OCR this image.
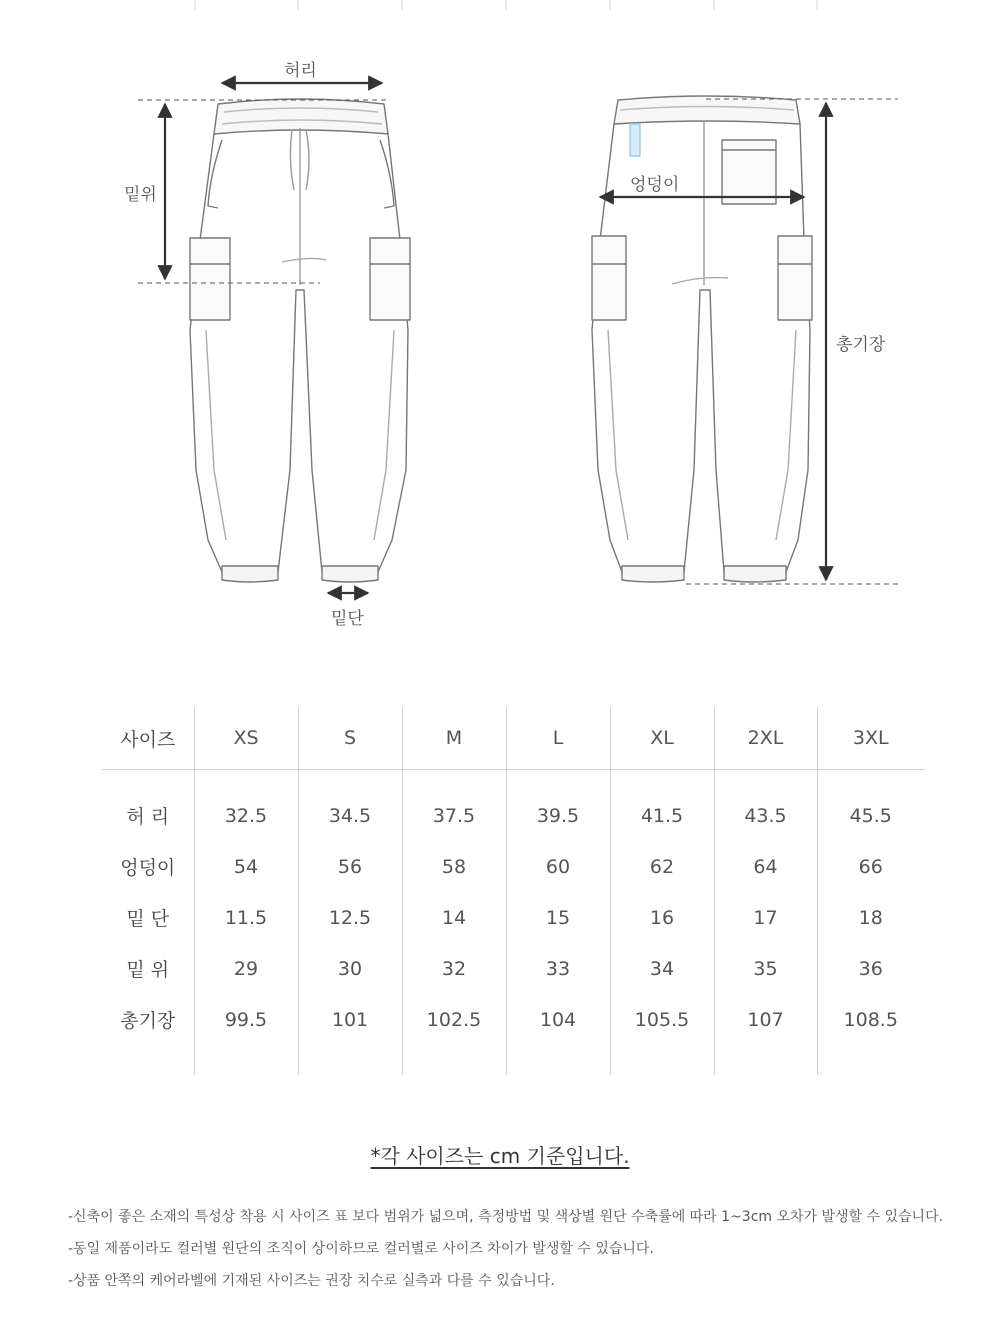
허리
밑위
밑단
엉덩이
총기장
사이즈	XS	S	M	L	XL	2XL	3XL
허 리	32.5	34.5	37.5	39.5	41.5	43.5	45.5
엉덩이	54	56	58	60	62	64	66
밑 단	11.5	12.5	14	15	16	17	18
밑 위	29	30	32	33	34	35	36
총기장	99.5	101	102.5	104	105.5	107	108.5
*각 사이즈는 cm 기준입니다.
-신축이 좋은 소재의 특성상 착용 시 사이즈 표 보다 범위가 넓으며, 측정방법 및 색상별 원단 수축률에 따라 1~3cm 오차가 발생할 수 있습니다.
-동일 제품이라도 컬러별 원단의 조직이 상이하므로 컬러별로 사이즈 차이가 발생할 수 있습니다.
-상품 안쪽의 케어라벨에 기재된 사이즈는 권장 치수로 실측과 다를 수 있습니다.
